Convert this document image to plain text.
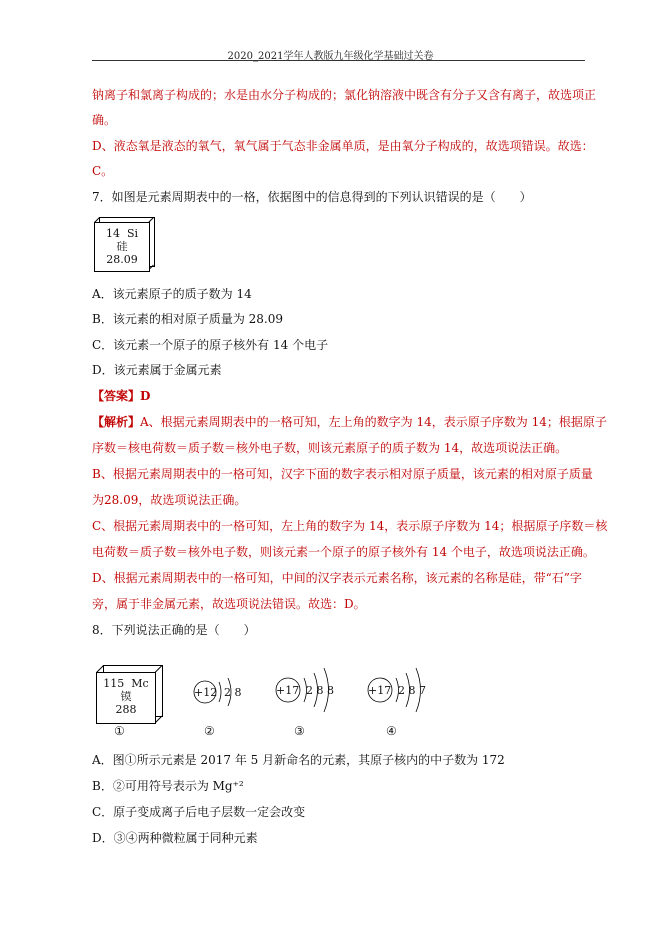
2020_2021学年人教版九年级化学基础过关卷
钠离子和氯离子构成的；水是由水分子构成的；氯化钠溶液中既含有分子又含有离子，故选项正
确。
D、液态氧是液态的氧气，氧气属于气态非金属单质，是由氧分子构成的，故选项错误。故选：
C。
7．如图是元素周期表中的一格，依据图中的信息得到的下列认识错误的是（　　）
14 Si
硅
28.09
A．该元素原子的质子数为 14
B．该元素的相对原子质量为 28.09
C．该元素一个原子的原子核外有 14 个电子
D．该元素属于金属元素
【答案】D
【解析】A、根据元素周期表中的一格可知，左上角的数字为 14，表示原子序数为 14；根据原子
序数＝核电荷数＝质子数＝核外电子数，则该元素原子的质子数为 14，故选项说法正确。
B、根据元素周期表中的一格可知，汉字下面的数字表示相对原子质量，该元素的相对原子质量
为28.09，故选项说法正确。
C、根据元素周期表中的一格可知，左上角的数字为 14，表示原子序数为 14；根据原子序数＝核
电荷数＝质子数＝核外电子数，则该元素一个原子的原子核外有 14 个电子，故选项说法正确。
D、根据元素周期表中的一格可知，中间的汉字表示元素名称，该元素的名称是硅，带“石”字
旁，属于非金属元素，故选项说法错误。故选：D。
8．下列说法正确的是（　　）
115 Mc
镆
288
①
+12 2 8
②
+17 2 8 8
③
+17 2 8 7
④
A．图①所示元素是 2017 年 5 月新命名的元素，其原子核内的中子数为 172
B．②可用符号表示为 Mg⁺²
C．原子变成离子后电子层数一定会改变
D．③④两种微粒属于同种元素
